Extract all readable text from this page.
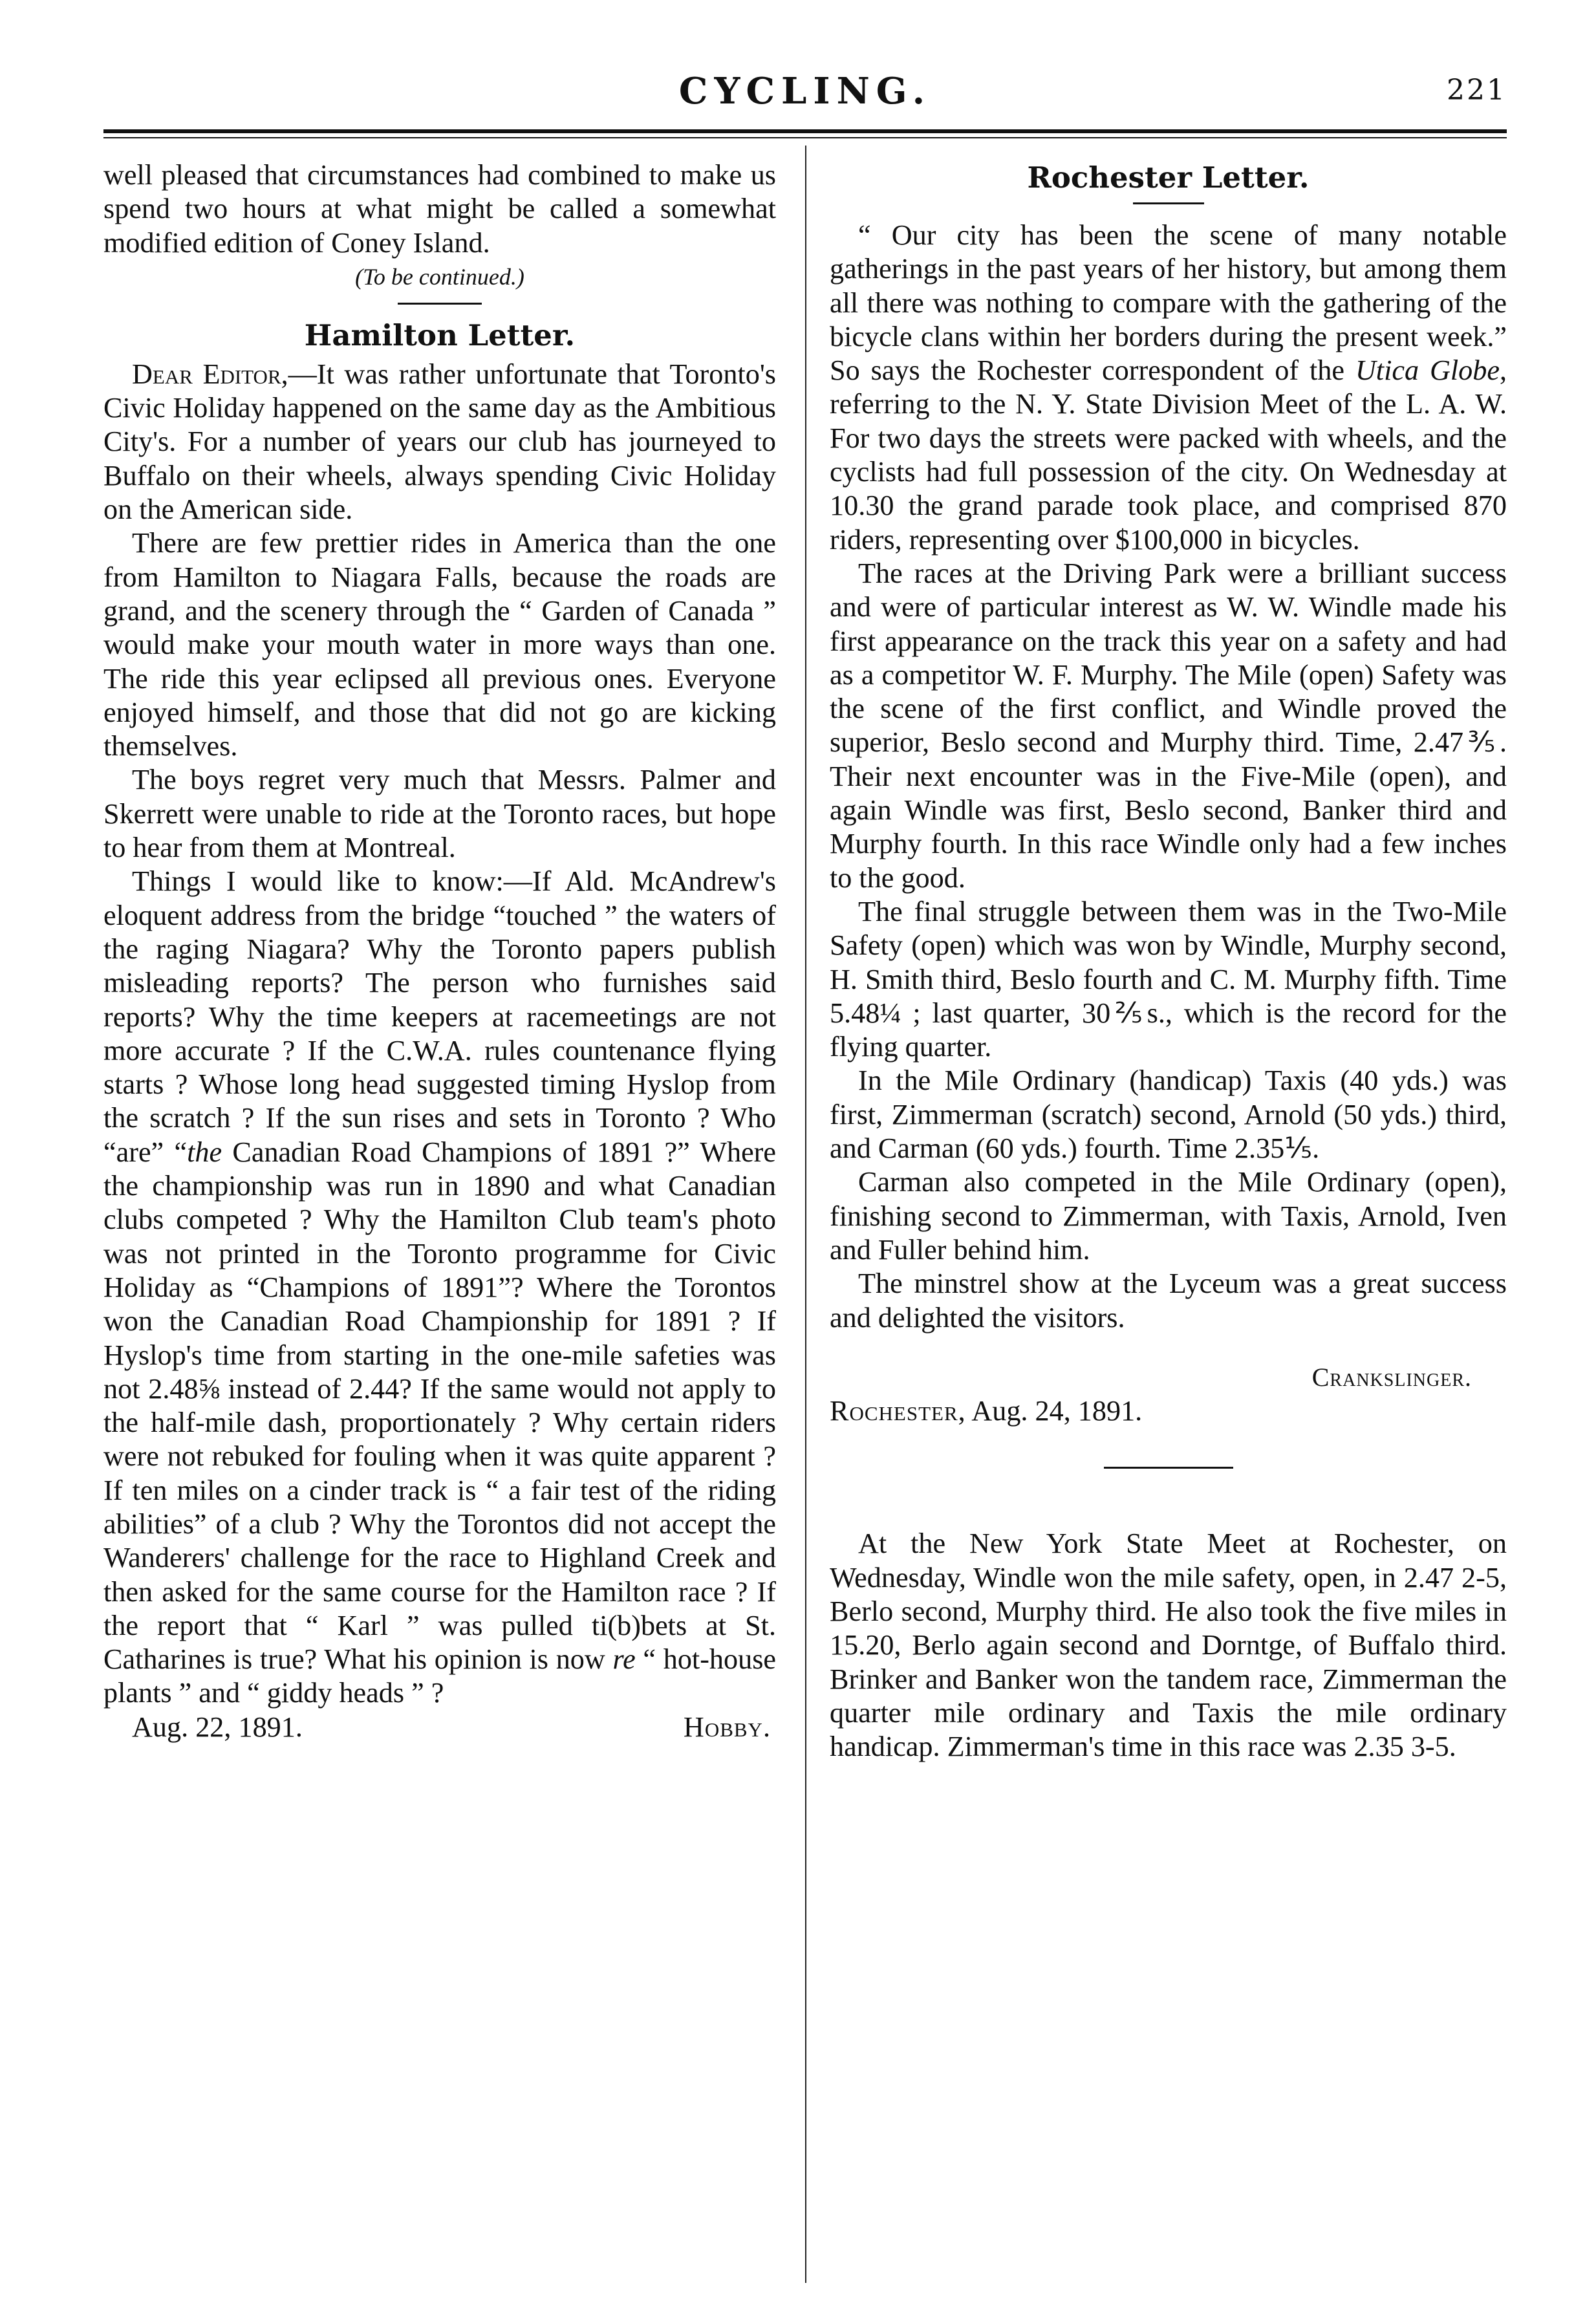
CYCLING.	221

well pleased that circumstances had combined to make us spend two hours at what might be called a somewhat modified edition of Coney Island.

(To be continued.)

Hamilton Letter.

Dear Editor,—It was rather unfortunate that Toronto's Civic Holiday happened on the same day as the Ambitious City's. For a number of years our club has journeyed to Buffalo on their wheels, always spending Civic Holiday on the American side.

There are few prettier rides in America than the one from Hamilton to Niagara Falls, because the roads are grand, and the scenery through the “ Garden of Canada ” would make your mouth water in more ways than one. The ride this year eclipsed all previous ones. Everyone enjoyed himself, and those that did not go are kicking themselves.

The boys regret very much that Messrs. Palmer and Skerrett were unable to ride at the Toronto races, but hope to hear from them at Montreal.

Things I would like to know:—If Ald. McAndrew's eloquent address from the bridge “touched ” the waters of the raging Niagara? Why the Toronto papers publish misleading reports? The person who furnishes said reports? Why the time keepers at racemeetings are not more accurate ? If the C.W.A. rules countenance flying starts ? Whose long head suggested timing Hyslop from the scratch ? If the sun rises and sets in Toronto ? Who “are” “the Canadian Road Champions of 1891 ?” Where the championship was run in 1890 and what Canadian clubs competed ? Why the Hamilton Club team's photo was not printed in the Toronto programme for Civic Holiday as “Champions of 1891”? Where the Torontos won the Canadian Road Championship for 1891 ? If Hyslop's time from starting in the one-mile safeties was not 2.48⅝ instead of 2.44? If the same would not apply to the half-mile dash, proportionately ? Why certain riders were not rebuked for fouling when it was quite apparent ? If ten miles on a cinder track is “ a fair test of the riding abilities” of a club ? Why the Torontos did not accept the Wanderers' challenge for the race to Highland Creek and then asked for the same course for the Hamilton race ? If the report that “ Karl ” was pulled ti(b)bets at St. Catharines is true? What his opinion is now re “ hot-house plants ” and “ giddy heads ” ?

Aug. 22, 1891.	Hobby.
Rochester Letter.

“ Our city has been the scene of many notable gatherings in the past years of her history, but among them all there was nothing to compare with the gathering of the bicycle clans within her borders during the present week.” So says the Rochester correspondent of the Utica Globe, referring to the N. Y. State Division Meet of the L. A. W. For two days the streets were packed with wheels, and the cyclists had full possession of the city. On Wednesday at 10.30 the grand parade took place, and comprised 870 riders, representing over $100,000 in bicycles.

The races at the Driving Park were a brilliant success and were of particular interest as W. W. Windle made his first appearance on the track this year on a safety and had as a competitor W. F. Murphy. The Mile (open) Safety was the scene of the first conflict, and Windle proved the superior, Beslo second and Murphy third. Time, 2.47⅗. Their next encounter was in the Five-Mile (open), and again Windle was first, Beslo second, Banker third and Murphy fourth. In this race Windle only had a few inches to the good.

The final struggle between them was in the Two-Mile Safety (open) which was won by Windle, Murphy second, H. Smith third, Beslo fourth and C. M. Murphy fifth. Time 5.48¼ ; last quarter, 30⅖s., which is the record for the flying quarter.

In the Mile Ordinary (handicap) Taxis (40 yds.) was first, Zimmerman (scratch) second, Arnold (50 yds.) third, and Carman (60 yds.) fourth. Time 2.35⅕.

Carman also competed in the Mile Ordinary (open), finishing second to Zimmerman, with Taxis, Arnold, Iven and Fuller behind him.

The minstrel show at the Lyceum was a great success and delighted the visitors.

Crankslinger.

Rochester, Aug. 24, 1891.

At the New York State Meet at Rochester, on Wednesday, Windle won the mile safety, open, in 2.47 2-5, Berlo second, Murphy third. He also took the five miles in 15.20, Berlo again second and Dorntge, of Buffalo third. Brinker and Banker won the tandem race, Zimmerman the quarter mile ordinary and Taxis the mile ordinary handicap. Zimmerman's time in this race was 2.35 3-5.
